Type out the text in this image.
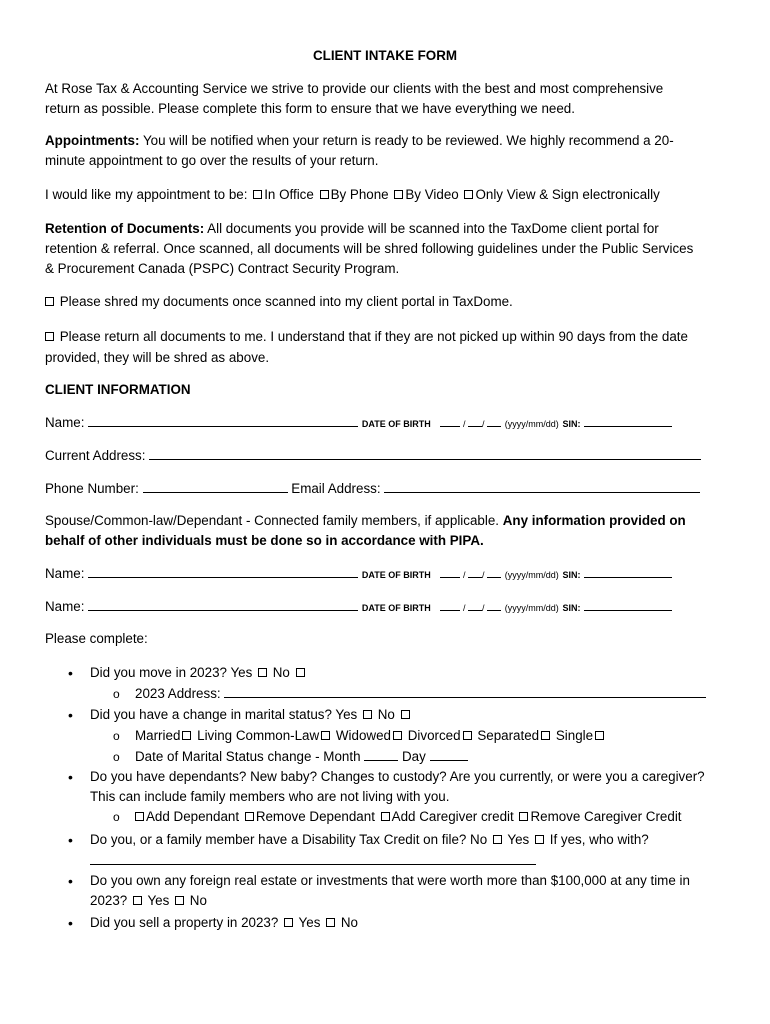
CLIENT INTAKE FORM
At Rose Tax & Accounting Service we strive to provide our clients with the best and most comprehensive
return as possible. Please complete this form to ensure that we have everything we need.
Appointments: You will be notified when your return is ready to be reviewed. We highly recommend a 20-
minute appointment to go over the results of your return.
I would like my appointment to be: In Office By Phone By Video Only View & Sign electronically
Retention of Documents: All documents you provide will be scanned into the TaxDome client portal for
retention & referral. Once scanned, all documents will be shred following guidelines under the Public Services
& Procurement Canada (PSPC) Contract Security Program.
Please shred my documents once scanned into my client portal in TaxDome.
Please return all documents to me. I understand that if they are not picked up within 90 days from the date
provided, they will be shred as above.
CLIENT INFORMATION
Name:	DATE OF BIRTH	/ /  (yyyy/mm/dd) SIN:
Current Address:
Phone Number:	Email Address:
Spouse/Common-law/Dependant - Connected family members, if applicable. Any information provided on
behalf of other individuals must be done so in accordance with PIPA.
Name:	DATE OF BIRTH	/ /  (yyyy/mm/dd) SIN:
Name:	DATE OF BIRTH	/ /  (yyyy/mm/dd) SIN:
Please complete:
• Did you move in 2023? Yes No
o 2023 Address:
• Did you have a change in marital status? Yes No
o Married Living Common-Law Widowed Divorced Separated Single
o Date of Marital Status change - Month	Day
• Do you have dependants? New baby? Changes to custody? Are you currently, or were you a caregiver?
This can include family members who are not living with you.
o Add Dependant Remove Dependant Add Caregiver credit Remove Caregiver Credit
• Do you, or a family member have a Disability Tax Credit on file? No Yes If yes, who with?
• Do you own any foreign real estate or investments that were worth more than $100,000 at any time in
2023? Yes No
• Did you sell a property in 2023? Yes No
